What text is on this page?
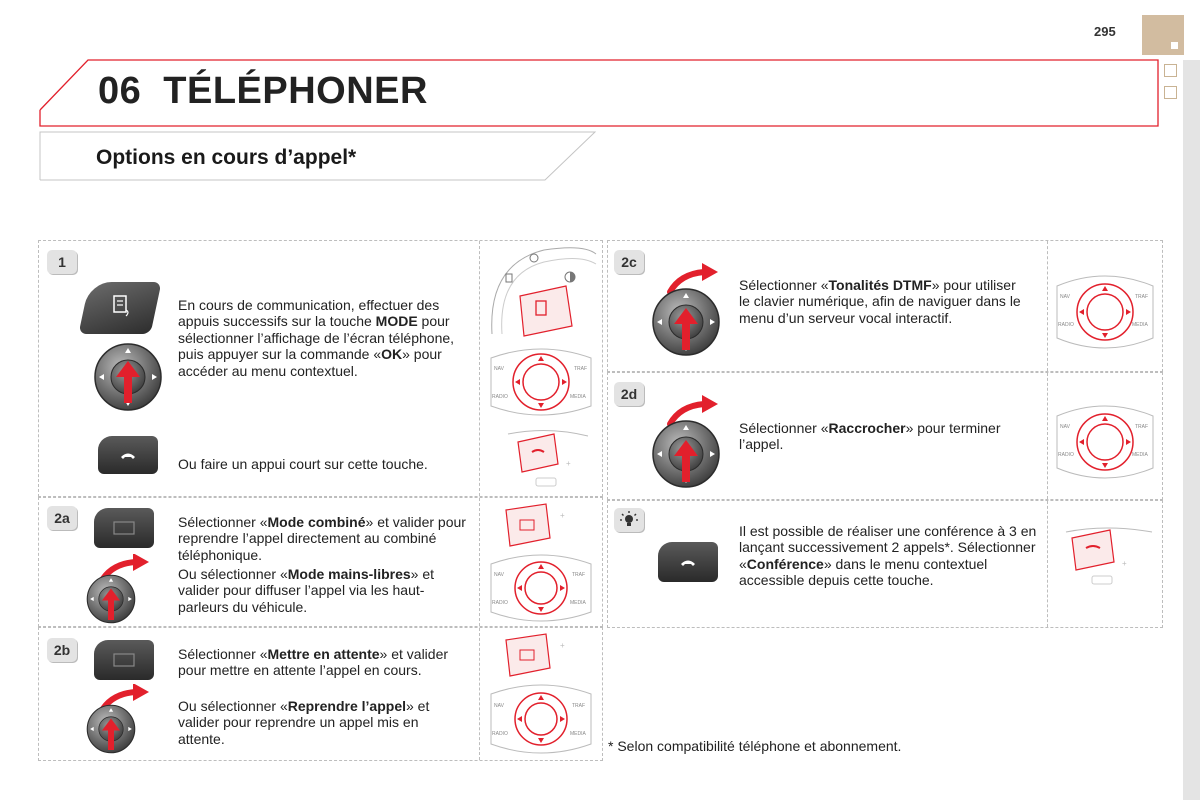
295
06 TÉLÉPHONER
Options en cours d’appel*
1
En cours de communication, effectuer des appuis successifs sur la touche MODE pour sélectionner l’affichage de l’écran téléphone, puis appuyer sur la commande «OK» pour accéder au menu contextuel.
Ou faire un appui court sur cette touche.
NAV	TRAF
RADIO	MEDIA
+
2a	Sélectionner «Mode combiné» et valider pour reprendre l’appel directement au combiné téléphonique.
Ou sélectionner «Mode mains-libres» et valider pour diffuser l’appel via les haut-parleurs du véhicule.
+
NAV	TRAF
RADIO	MEDIA
2b	Sélectionner «Mettre en attente» et valider pour mettre en attente l’appel en cours.
Ou sélectionner «Reprendre l’appel» et valider pour reprendre un appel mis en attente.
+
NAV	TRAF
RADIO	MEDIA
2c
Sélectionner «Tonalités DTMF» pour utiliser le clavier numérique, afin de naviguer dans le menu d’un serveur vocal interactif.
NAV	TRAF
RADIO	MEDIA
2d
Sélectionner «Raccrocher» pour terminer l’appel.
NAV	TRAF
RADIO	MEDIA
Il est possible de réaliser une conférence à 3 en lançant successivement 2 appels*. Sélectionner «Conférence» dans le menu contextuel accessible depuis cette touche.
+
* Selon compatibilité téléphone et abonnement.
